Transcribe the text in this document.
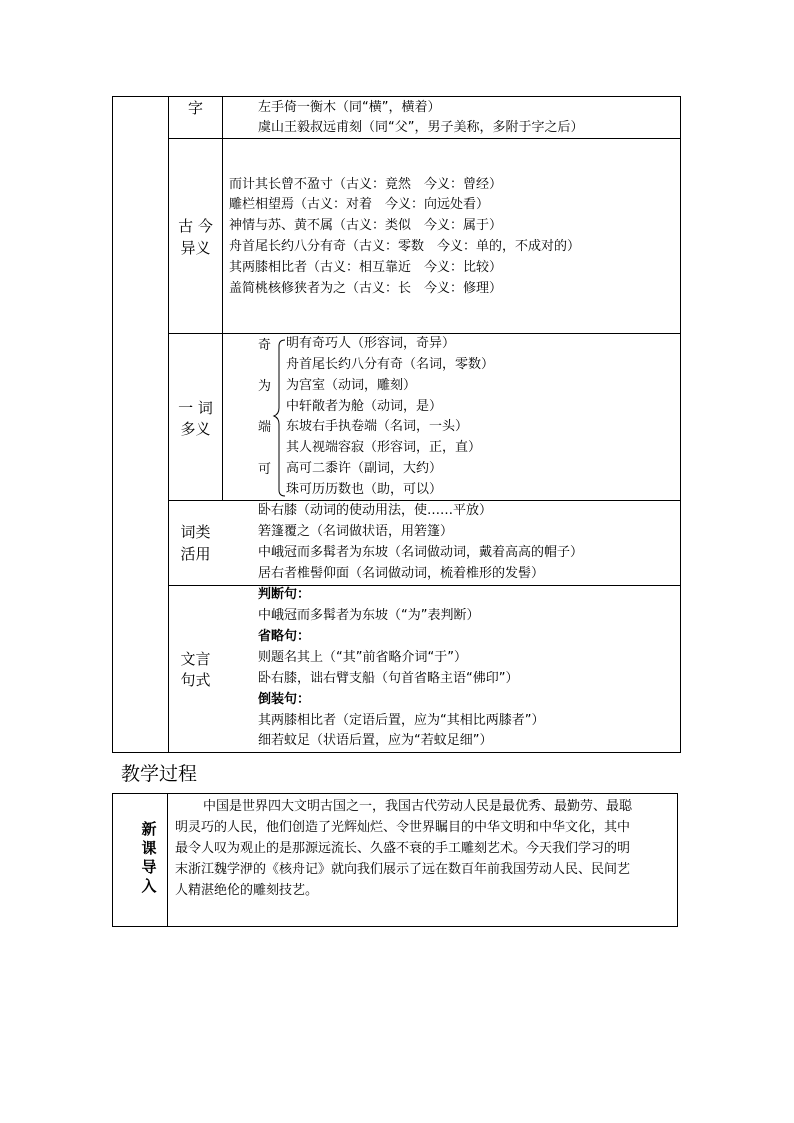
字	左手倚一衡木（同“横”，横着）
虞山王毅叔远甫刻（同“父”，男子美称，多附于字之后）
古 今
异义
而计其长曾不盈寸（古义：竟然　今义：曾经）
雕栏相望焉（古义：对着　今义：向远处看）
神情与苏、黄不属（古义：类似　今义：属于）
舟首尾长约八分有奇（古义：零数　今义：单的，不成对的）
其两膝相比者（古义：相互靠近　今义：比较）
盖简桃核修狭者为之（古义：长　今义：修理）
一 词
多义
奇
为
端
可
明有奇巧人（形容词，奇异）
舟首尾长约八分有奇（名词，零数）
为宫室（动词，雕刻）
中轩敞者为舱（动词，是）
东坡右手执卷端（名词，一头）
其人视端容寂（形容词，正，直）
高可二黍许（副词，大约）
珠可历历数也（助，可以）
词类
活用
卧右膝（动词的使动用法，使……平放）
箬篷覆之（名词做状语，用箬篷）
中峨冠而多髯者为东坡（名词做动词，戴着高高的帽子）
居右者椎髻仰面（名词做动词，梳着椎形的发髻）
文言
句式
判断句：
中峨冠而多髯者为东坡（“为”表判断）
省略句：
则题名其上（“其”前省略介词“于”）
卧右膝，诎右臂支船（句首省略主语“佛印”）
倒装句：
其两膝相比者（定语后置，应为“其相比两膝者”）
细若蚊足（状语后置，应为“若蚊足细”）
教学过程
新课导入
中国是世界四大文明古国之一，我国古代劳动人民是最优秀、最勤劳、最聪
明灵巧的人民，他们创造了光辉灿烂、令世界瞩目的中华文明和中华文化，其中
最令人叹为观止的是那源远流长、久盛不衰的手工雕刻艺术。今天我们学习的明
末浙江魏学洢的《核舟记》就向我们展示了远在数百年前我国劳动人民、民间艺
人精湛绝伦的雕刻技艺。
